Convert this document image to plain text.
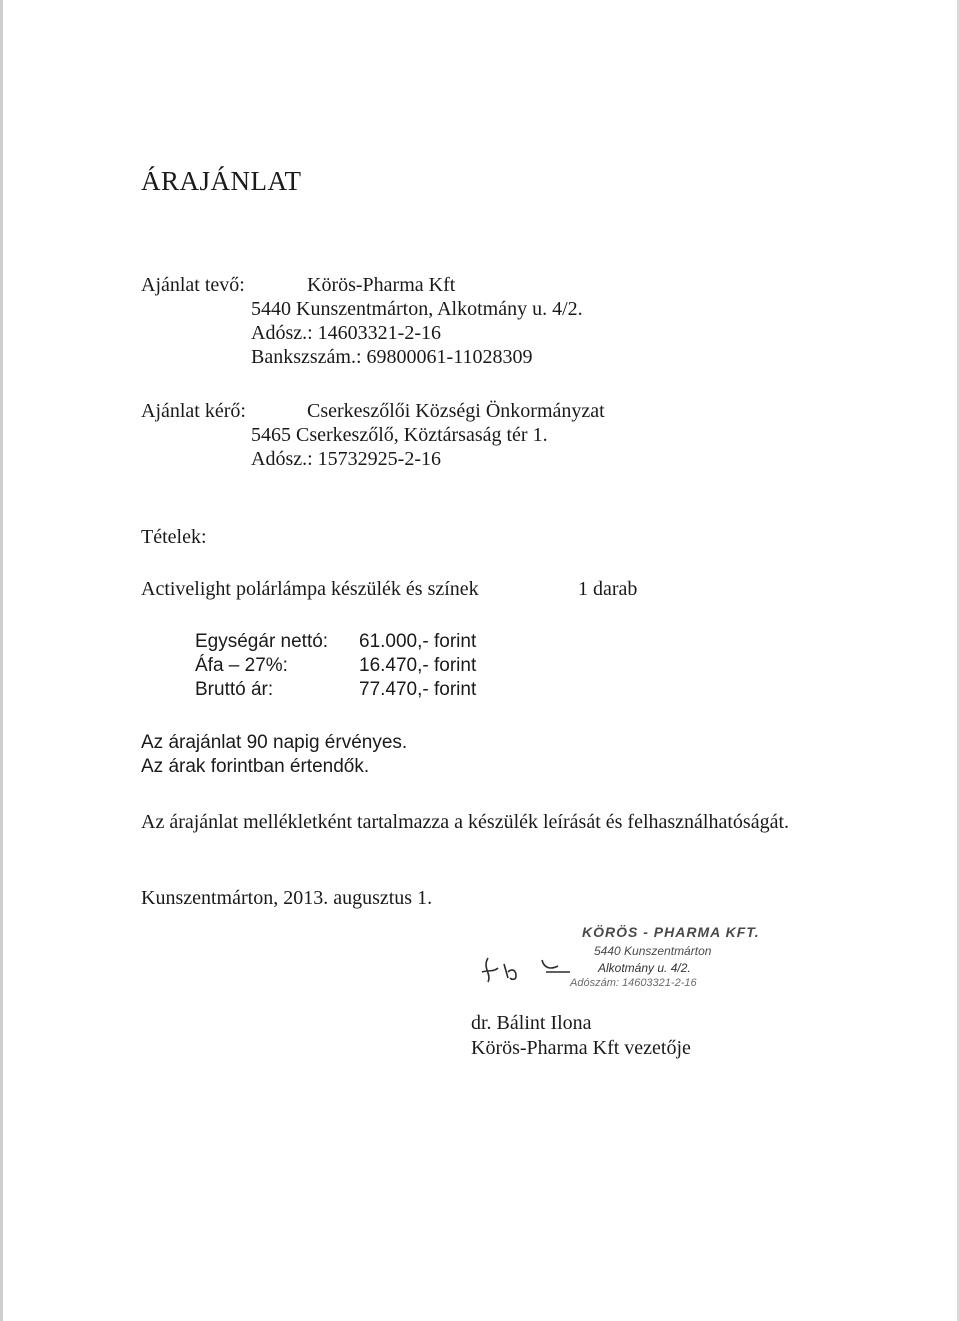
ÁRAJÁNLAT
Ajánlat tevő:	Körös-Pharma Kft
5440 Kunszentmárton, Alkotmány u. 4/2.
Adósz.: 14603321-2-16
Bankszszám.: 69800061-11028309
Ajánlat kérő:	Cserkeszőlői Községi Önkormányzat
5465 Cserkeszőlő, Köztársaság tér 1.
Adósz.: 15732925-2-16
Tételek:
Activelight polárlámpa készülék és színek	1 darab
Egységár nettó: 61.000,- forint
Áfa – 27%:	16.470,- forint
Bruttó ár:	77.470,- forint
Az árajánlat 90 napig érvényes.
Az árak forintban értendők.
Az árajánlat mellékletként tartalmazza a készülék leírását és felhasználhatóságát.
Kunszentmárton, 2013. augusztus 1.
KÖRÖS - PHARMA KFT.
5440 Kunszentmárton
Alkotmány u. 4/2.
Adószám: 14603321-2-16
dr. Bálint Ilona
Körös-Pharma Kft vezetője
